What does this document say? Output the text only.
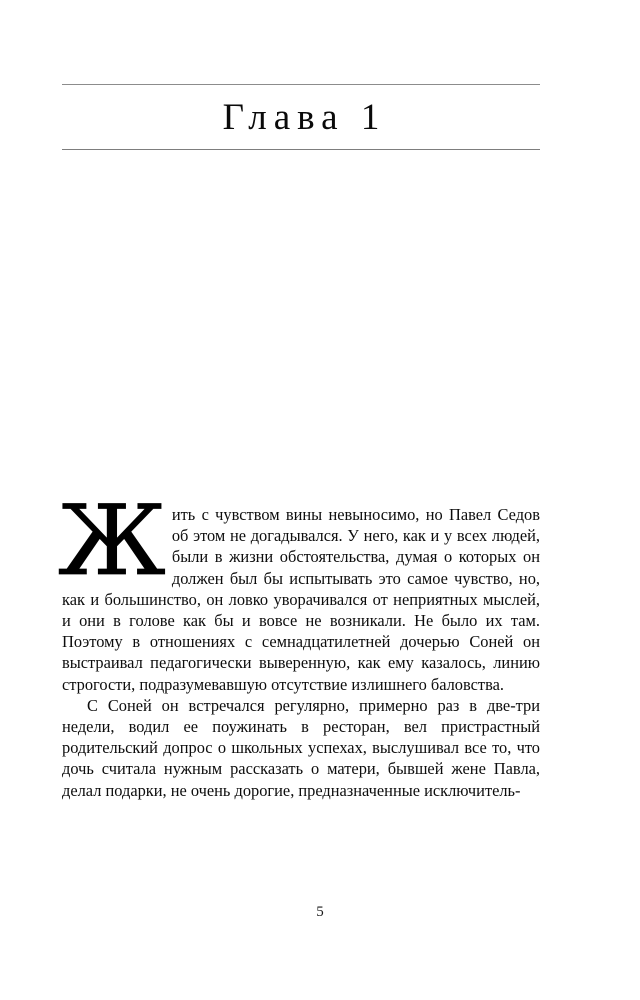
Глава 1

Жить с чувством вины невыносимо, но Павел Седов об этом не догадывался. У него, как и у всех людей, были в жизни обстоятельства, думая о которых он должен был бы испытывать это самое чувство, но, как и большинство, он ловко уворачивался от неприятных мыслей, и они в голове как бы и вовсе не возникали. Не было их там. Поэтому в отношениях с семнадцатилетней дочерью Соней он выстраивал педагогически выверенную, как ему казалось, линию строгости, подразумевавшую отсутствие излишнего баловства.

С Соней он встречался регулярно, примерно раз в две-три недели, водил ее поужинать в ресторан, вел пристрастный родительский допрос о школьных успехах, выслушивал все то, что дочь считала нужным рассказать о матери, бывшей жене Павла, делал подарки, не очень дорогие, предназначенные исключитель-

5
